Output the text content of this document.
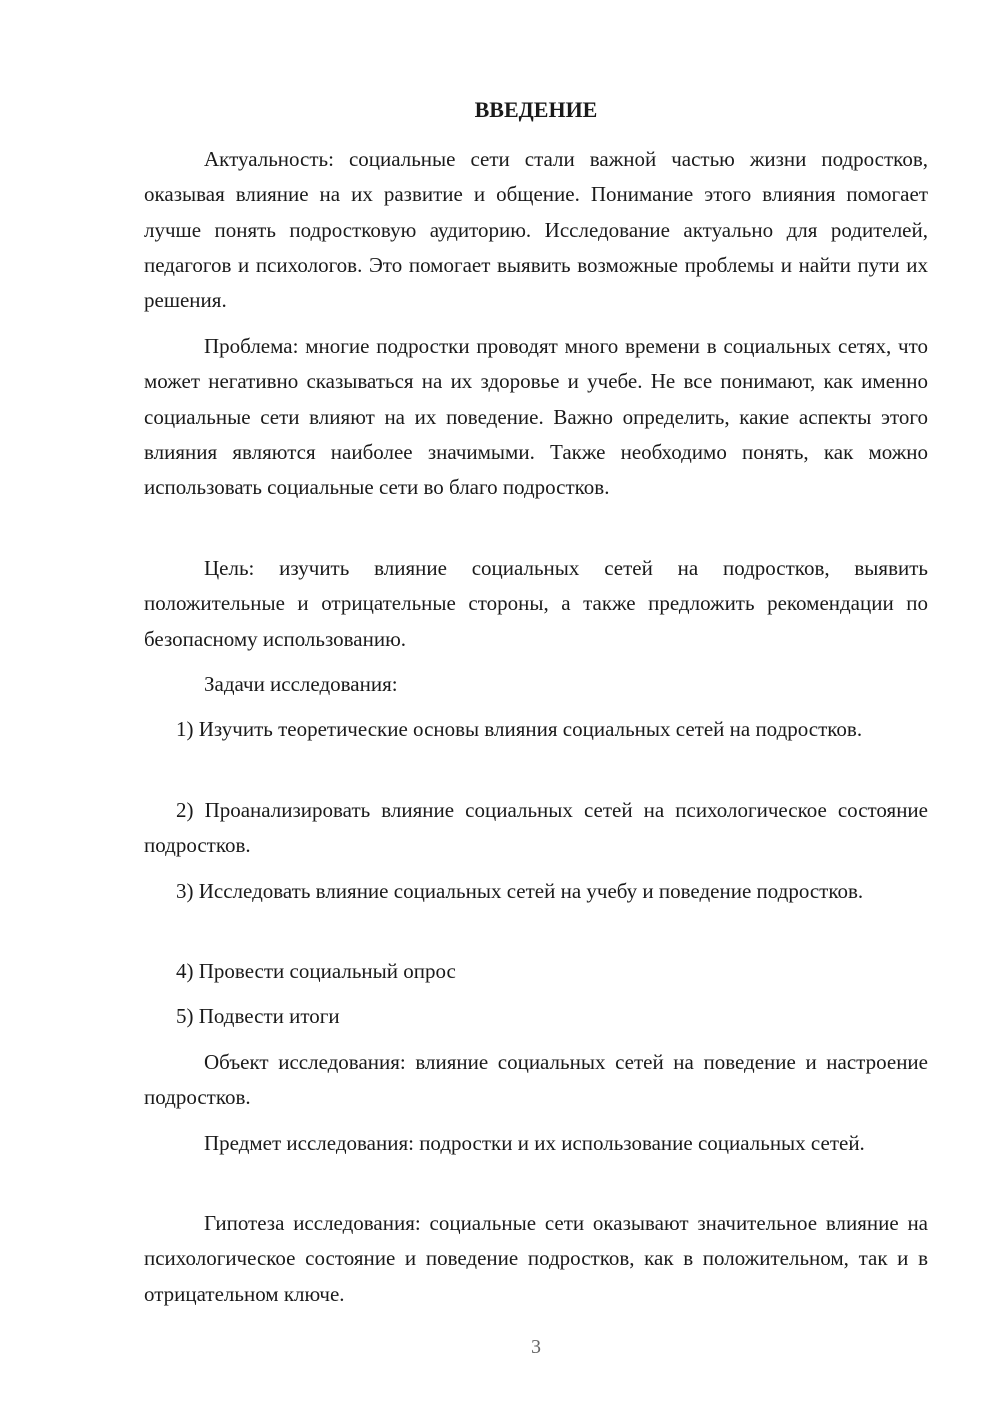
ВВЕДЕНИЕ

Актуальность: социальные сети стали важной частью жизни подростков, оказывая влияние на их развитие и общение. Понимание этого влияния помогает лучше понять подростковую аудиторию. Исследование актуально для родителей, педагогов и психологов. Это помогает выявить возможные проблемы и найти пути их решения.

Проблема: многие подростки проводят много времени в социальных сетях, что может негативно сказываться на их здоровье и учебе. Не все понимают, как именно социальные сети влияют на их поведение. Важно определить, какие аспекты этого влияния являются наиболее значимыми. Также необходимо понять, как можно использовать социальные сети во благо подростков.

Цель: изучить влияние социальных сетей на подростков, выявить положительные и отрицательные стороны, а также предложить рекомендации по безопасному использованию.

Задачи исследования:

1) Изучить теоретические основы влияния социальных сетей на подростков.

2) Проанализировать влияние социальных сетей на психологическое состояние подростков.

3) Исследовать влияние социальных сетей на учебу и поведение подростков.

4) Провести социальный опрос

5) Подвести итоги

Объект исследования: влияние социальных сетей на поведение и настроение подростков.

Предмет исследования: подростки и их использование социальных сетей.

Гипотеза исследования: социальные сети оказывают значительное влияние на психологическое состояние и поведение подростков, как в положительном, так и в отрицательном ключе.

3
